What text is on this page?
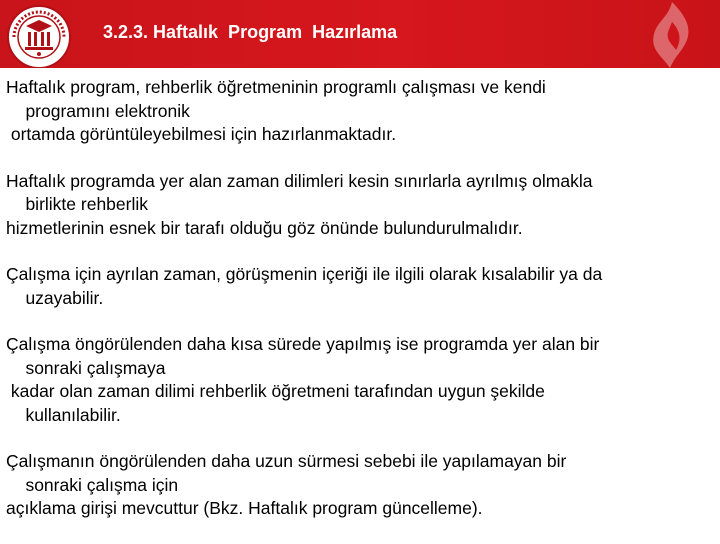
3.2.3. Haftalık  Program  Hazırlama
Haftalık program, rehberlik öğretmeninin programlı çalışması ve kendi
programını elektronik
ortamda görüntüleyebilmesi için hazırlanmaktadır.
Haftalık programda yer alan zaman dilimleri kesin sınırlarla ayrılmış olmakla
birlikte rehberlik
hizmetlerinin esnek bir tarafı olduğu göz önünde bulundurulmalıdır.
Çalışma için ayrılan zaman, görüşmenin içeriği ile ilgili olarak kısalabilir ya da
uzayabilir.
Çalışma öngörülenden daha kısa sürede yapılmış ise programda yer alan bir
sonraki çalışmaya
kadar olan zaman dilimi rehberlik öğretmeni tarafından uygun şekilde
kullanılabilir.
Çalışmanın öngörülenden daha uzun sürmesi sebebi ile yapılamayan bir
sonraki çalışma için
açıklama girişi mevcuttur (Bkz. Haftalık program güncelleme).
